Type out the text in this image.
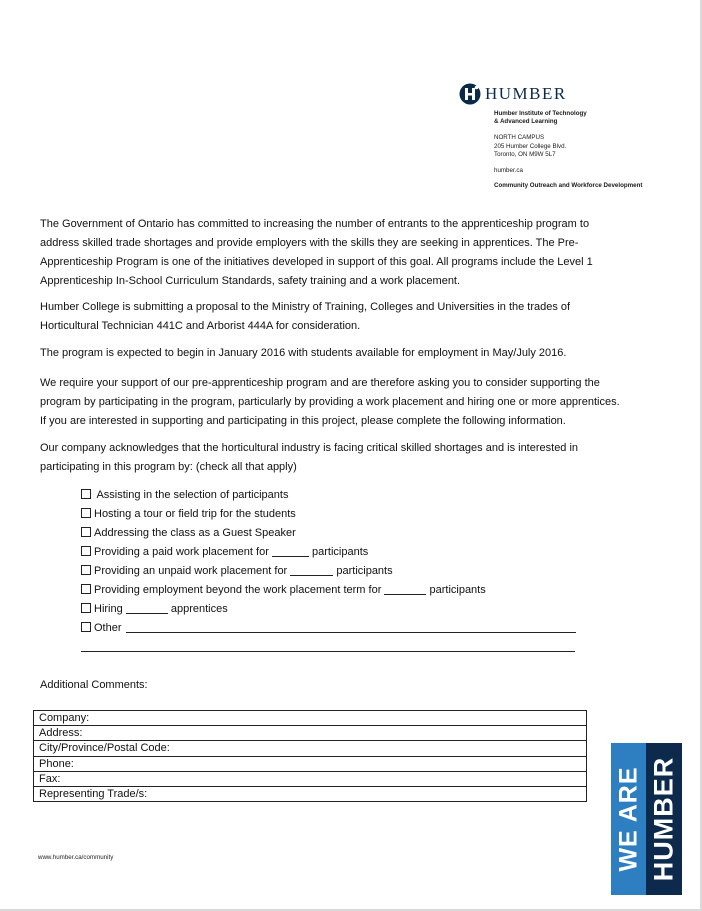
HUMBER
Humber Institute of Technology
& Advanced Learning
NORTH CAMPUS
205 Humber College Blvd.
Toronto, ON M9W 5L7
humber.ca
Community Outreach and Workforce Development
The Government of Ontario has committed to increasing the number of entrants to the apprenticeship program to
address skilled trade shortages and provide employers with the skills they are seeking in apprentices. The Pre-
Apprenticeship Program is one of the initiatives developed in support of this goal. All programs include the Level 1
Apprenticeship In-School Curriculum Standards, safety training and a work placement.
Humber College is submitting a proposal to the Ministry of Training, Colleges and Universities in the trades of
Horticultural Technician 441C and Arborist 444A for consideration.
The program is expected to begin in January 2016 with students available for employment in May/July 2016.
We require your support of our pre-apprenticeship program and are therefore asking you to consider supporting the
program by participating in the program, particularly by providing a work placement and hiring one or more apprentices.
If you are interested in supporting and participating in this project, please complete the following information.
Our company acknowledges that the horticultural industry is facing critical skilled shortages and is interested in
participating in this program by: (check all that apply)
Assisting in the selection of participants
Hosting a tour or field trip for the students
Addressing the class as a Guest Speaker
Providing a paid work placement for	participants
Providing an unpaid work placement for	participants
Providing employment beyond the work placement term for	participants
Hiring	apprentices
Other
Additional Comments:
Company:
Address:
City/Province/Postal Code:
Phone:
Fax:
Representing Trade/s:
www.humber.ca/community	WE ARE HUMBER
